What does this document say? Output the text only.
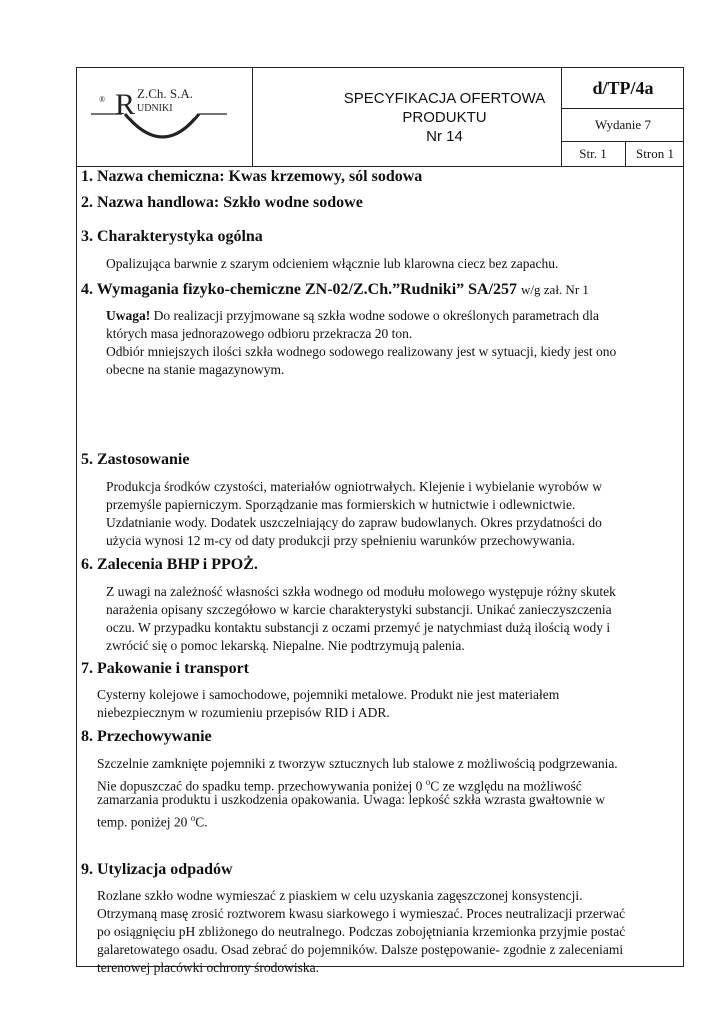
® R Z.Ch. S.A.
UDNIKI
SPECYFIKACJA OFERTOWA
PRODUKTU
Nr 14
d/TP/4a
Wydanie 7
Str. 1	Stron 1
1. Nazwa chemiczna: Kwas krzemowy, sól sodowa
2. Nazwa handlowa: Szkło wodne sodowe
3. Charakterystyka ogólna
Opalizująca barwnie z szarym odcieniem włącznie lub klarowna ciecz bez zapachu.
4. Wymagania fizyko-chemiczne ZN-02/Z.Ch.”Rudniki” SA/257 w/g zał. Nr 1
Uwaga! Do realizacji przyjmowane są szkła wodne sodowe o określonych parametrach dla
których masa jednorazowego odbioru przekracza 20 ton.
Odbiór mniejszych ilości szkła wodnego sodowego realizowany jest w sytuacji, kiedy jest ono
obecne na stanie magazynowym.
5. Zastosowanie
Produkcja środków czystości, materiałów ogniotrwałych. Klejenie i wybielanie wyrobów w
przemyśle papierniczym. Sporządzanie mas formierskich w hutnictwie i odlewnictwie.
Uzdatnianie wody. Dodatek uszczelniający do zapraw budowlanych. Okres przydatności do
użycia wynosi 12 m-cy od daty produkcji przy spełnieniu warunków przechowywania.
6. Zalecenia BHP i PPOŻ.
Z uwagi na zależność własności szkła wodnego od modułu molowego występuje różny skutek
narażenia opisany szczegółowo w karcie charakterystyki substancji. Unikać zanieczyszczenia
oczu. W przypadku kontaktu substancji z oczami przemyć je natychmiast dużą ilością wody i
zwrócić się o pomoc lekarską. Niepalne. Nie podtrzymują palenia.
7. Pakowanie i transport
Cysterny kolejowe i samochodowe, pojemniki metalowe. Produkt nie jest materiałem
niebezpiecznym w rozumieniu przepisów RID i ADR.
8. Przechowywanie
Szczelnie zamknięte pojemniki z tworzyw sztucznych lub stalowe z możliwością podgrzewania.
Nie dopuszczać do spadku temp. przechowywania poniżej 0 $^o$C ze względu na możliwość
zamarzania produktu i uszkodzenia opakowania. Uwaga: lepkość szkła wzrasta gwałtownie w
temp. poniżej 20 $^o$C.
9. Utylizacja odpadów
Rozlane szkło wodne wymieszać z piaskiem w celu uzyskania zagęszczonej konsystencji.
Otrzymaną masę zrosić roztworem kwasu siarkowego i wymieszać. Proces neutralizacji przerwać
po osiągnięciu pH zbliżonego do neutralnego. Podczas zobojętniania krzemionka przyjmie postać
galaretowatego osadu. Osad zebrać do pojemników. Dalsze postępowanie- zgodnie z zaleceniami
terenowej placówki ochrony środowiska.
